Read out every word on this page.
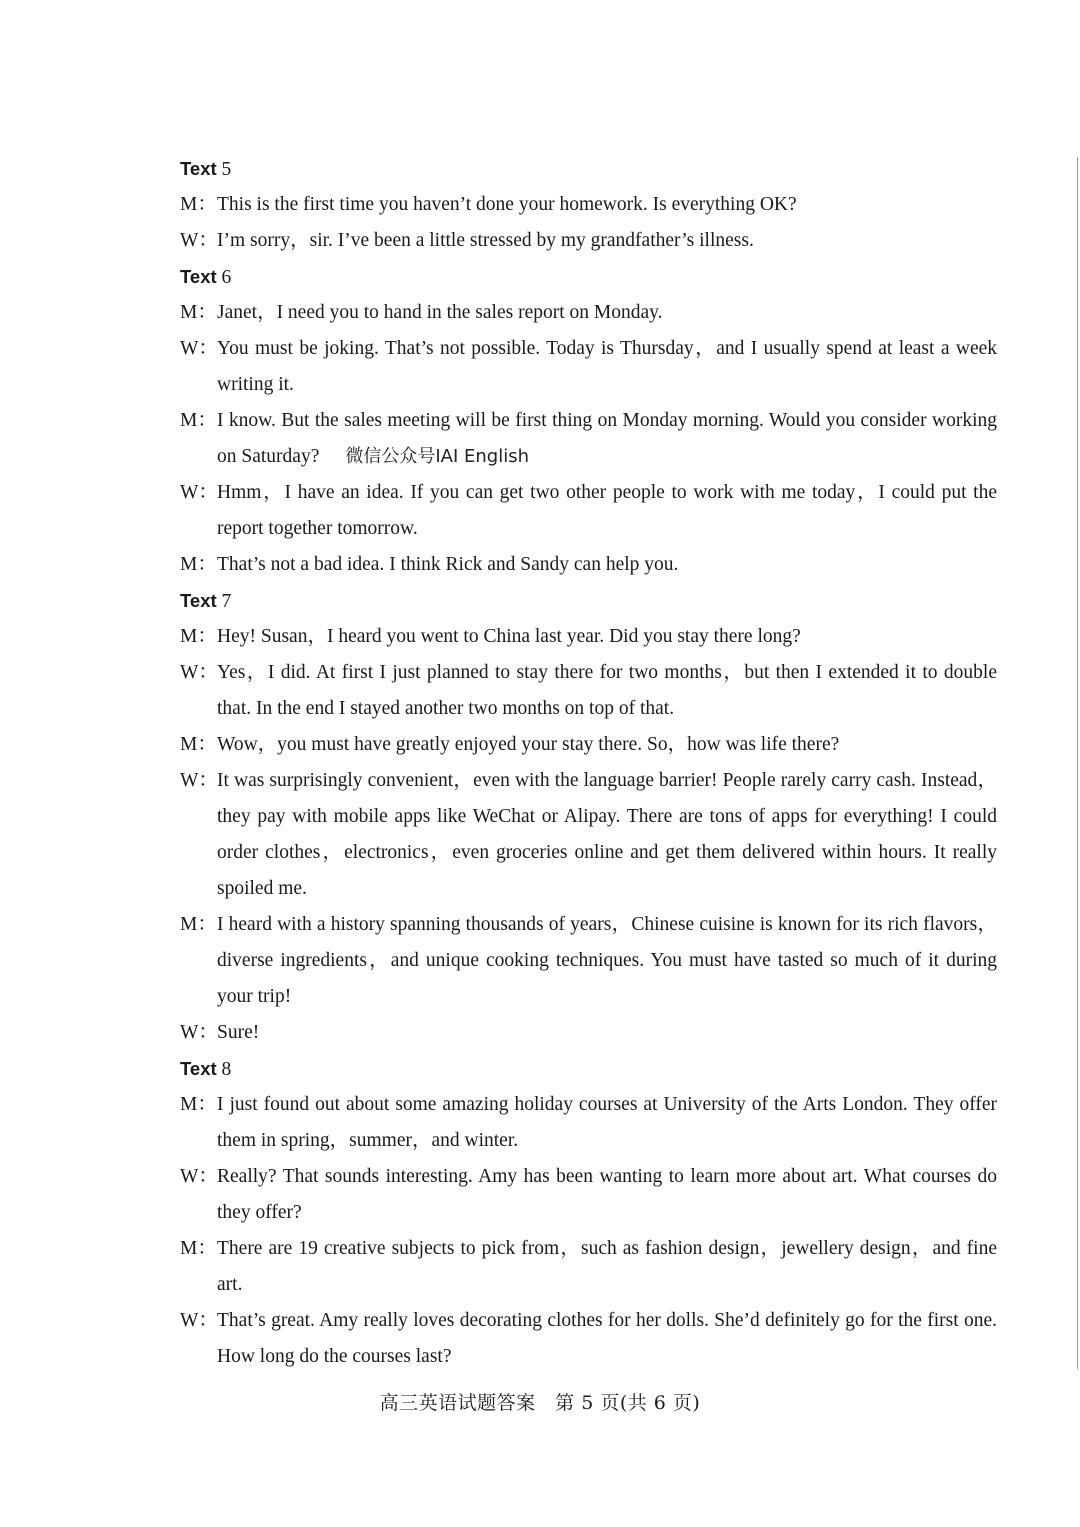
Text 5
M： This is the first time you haven’t done your homework. Is everything OK?
W： I’m sorry，sir. I’ve been a little stressed by my grandfather’s illness.
Text 6
M： Janet，I need you to hand in the sales report on Monday.
W： You must be joking. That’s not possible. Today is Thursday，and I usually spend at least a week writing it.
M： I know. But the sales meeting will be first thing on Monday morning. Would you consider working on Saturday? 微信公众号IAI English
W： Hmm，I have an idea. If you can get two other people to work with me today，I could put the report together tomorrow.
M： That’s not a bad idea. I think Rick and Sandy can help you.
Text 7
M： Hey! Susan，I heard you went to China last year. Did you stay there long?
W： Yes，I did. At first I just planned to stay there for two months，but then I extended it to double that. In the end I stayed another two months on top of that.
M： Wow，you must have greatly enjoyed your stay there. So，how was life there?
W： It was surprisingly convenient，even with the language barrier! People rarely carry cash. Instead，they pay with mobile apps like WeChat or Alipay. There are tons of apps for everything! I could order clothes，electronics，even groceries online and get them delivered within hours. It really spoiled me.
M： I heard with a history spanning thousands of years，Chinese cuisine is known for its rich flavors，diverse ingredients，and unique cooking techniques. You must have tasted so much of it during your trip!
W： Sure!
Text 8
M： I just found out about some amazing holiday courses at University of the Arts London. They offer them in spring，summer，and winter.
W： Really? That sounds interesting. Amy has been wanting to learn more about art. What courses do they offer?
M： There are 19 creative subjects to pick from，such as fashion design，jewellery design，and fine art.
W： That’s great. Amy really loves decorating clothes for her dolls. She’d definitely go for the first one. How long do the courses last?
高三英语试题答案　第 5 页(共 6 页)
